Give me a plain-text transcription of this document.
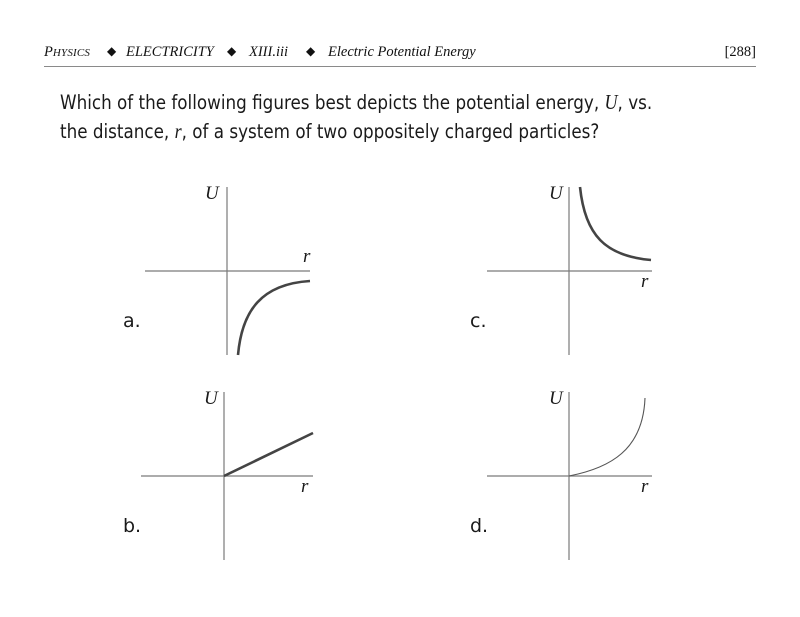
PHYSICS ◆ ELECTRICITY ◆ XIII.iii ◆ Electric Potential Energy	[288]
Which of the following figures best depicts the potential energy, U, vs. the distance, r, of a system of two oppositely charged particles?
U
r
U
r
U
r
U
r
a.	c.
b.	d.
